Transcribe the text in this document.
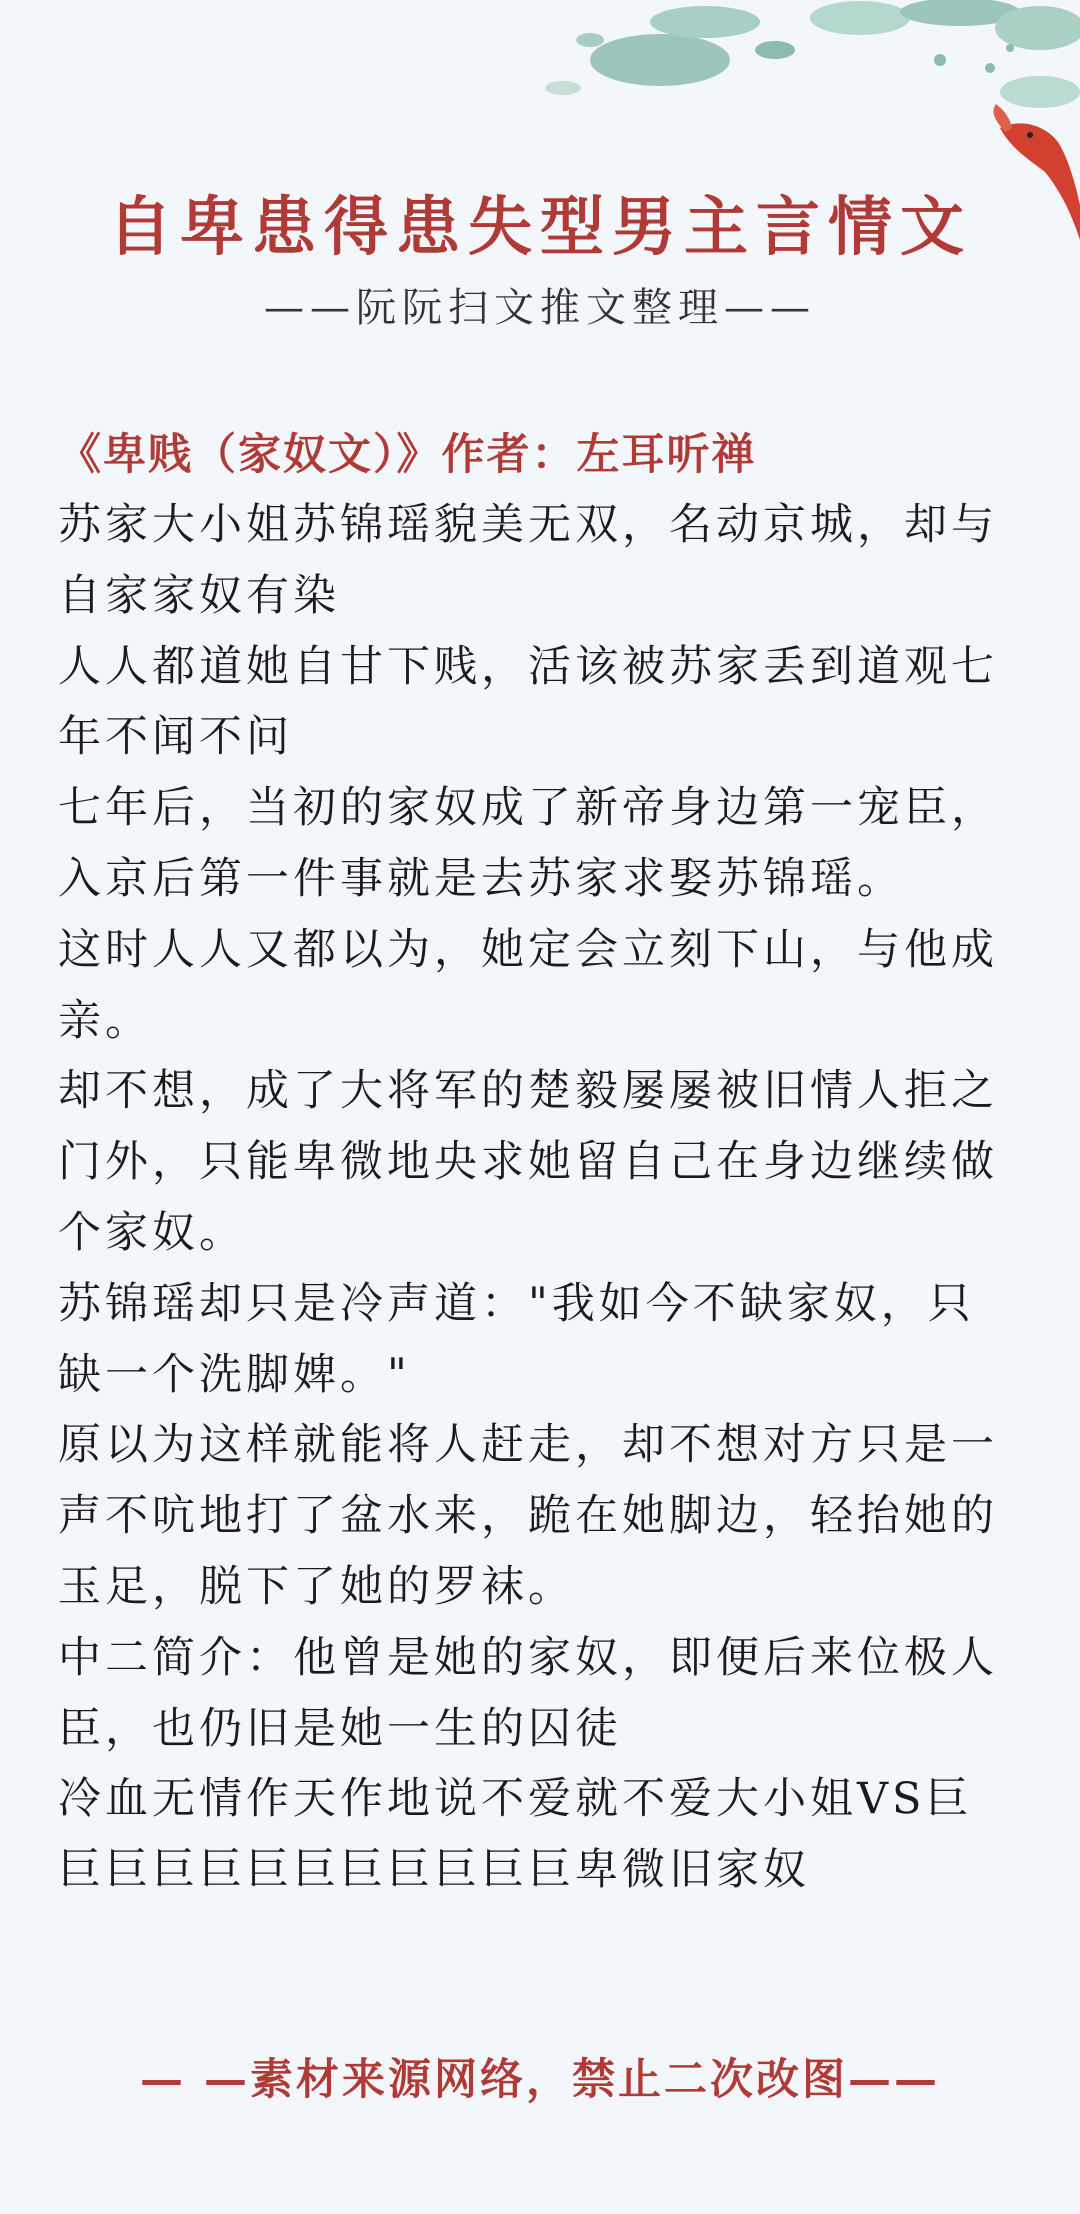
自卑患得患失型男主言情文
——阮阮扫文推文整理——
《卑贱（家奴文）》作者：左耳听禅

苏家大小姐苏锦瑶貌美无双，名动京城，却与自家家奴有染

人人都道她自甘下贱，活该被苏家丢到道观七年不闻不问

七年后，当初的家奴成了新帝身边第一宠臣，入京后第一件事就是去苏家求娶苏锦瑶。

这时人人又都以为，她定会立刻下山，与他成亲。

却不想，成了大将军的楚毅屡屡被旧情人拒之门外，只能卑微地央求她留自己在身边继续做个家奴。

苏锦瑶却只是冷声道："我如今不缺家奴，只缺一个洗脚婢。"

原以为这样就能将人赶走，却不想对方只是一声不吭地打了盆水来，跪在她脚边，轻抬她的玉足，脱下了她的罗袜。

中二简介：他曾是她的家奴，即便后来位极人臣，也仍旧是她一生的囚徒

冷血无情作天作地说不爱就不爱大小姐VS巨巨巨巨巨巨巨巨巨巨巨巨卑微旧家奴

— —素材来源网络，禁止二次改图——
